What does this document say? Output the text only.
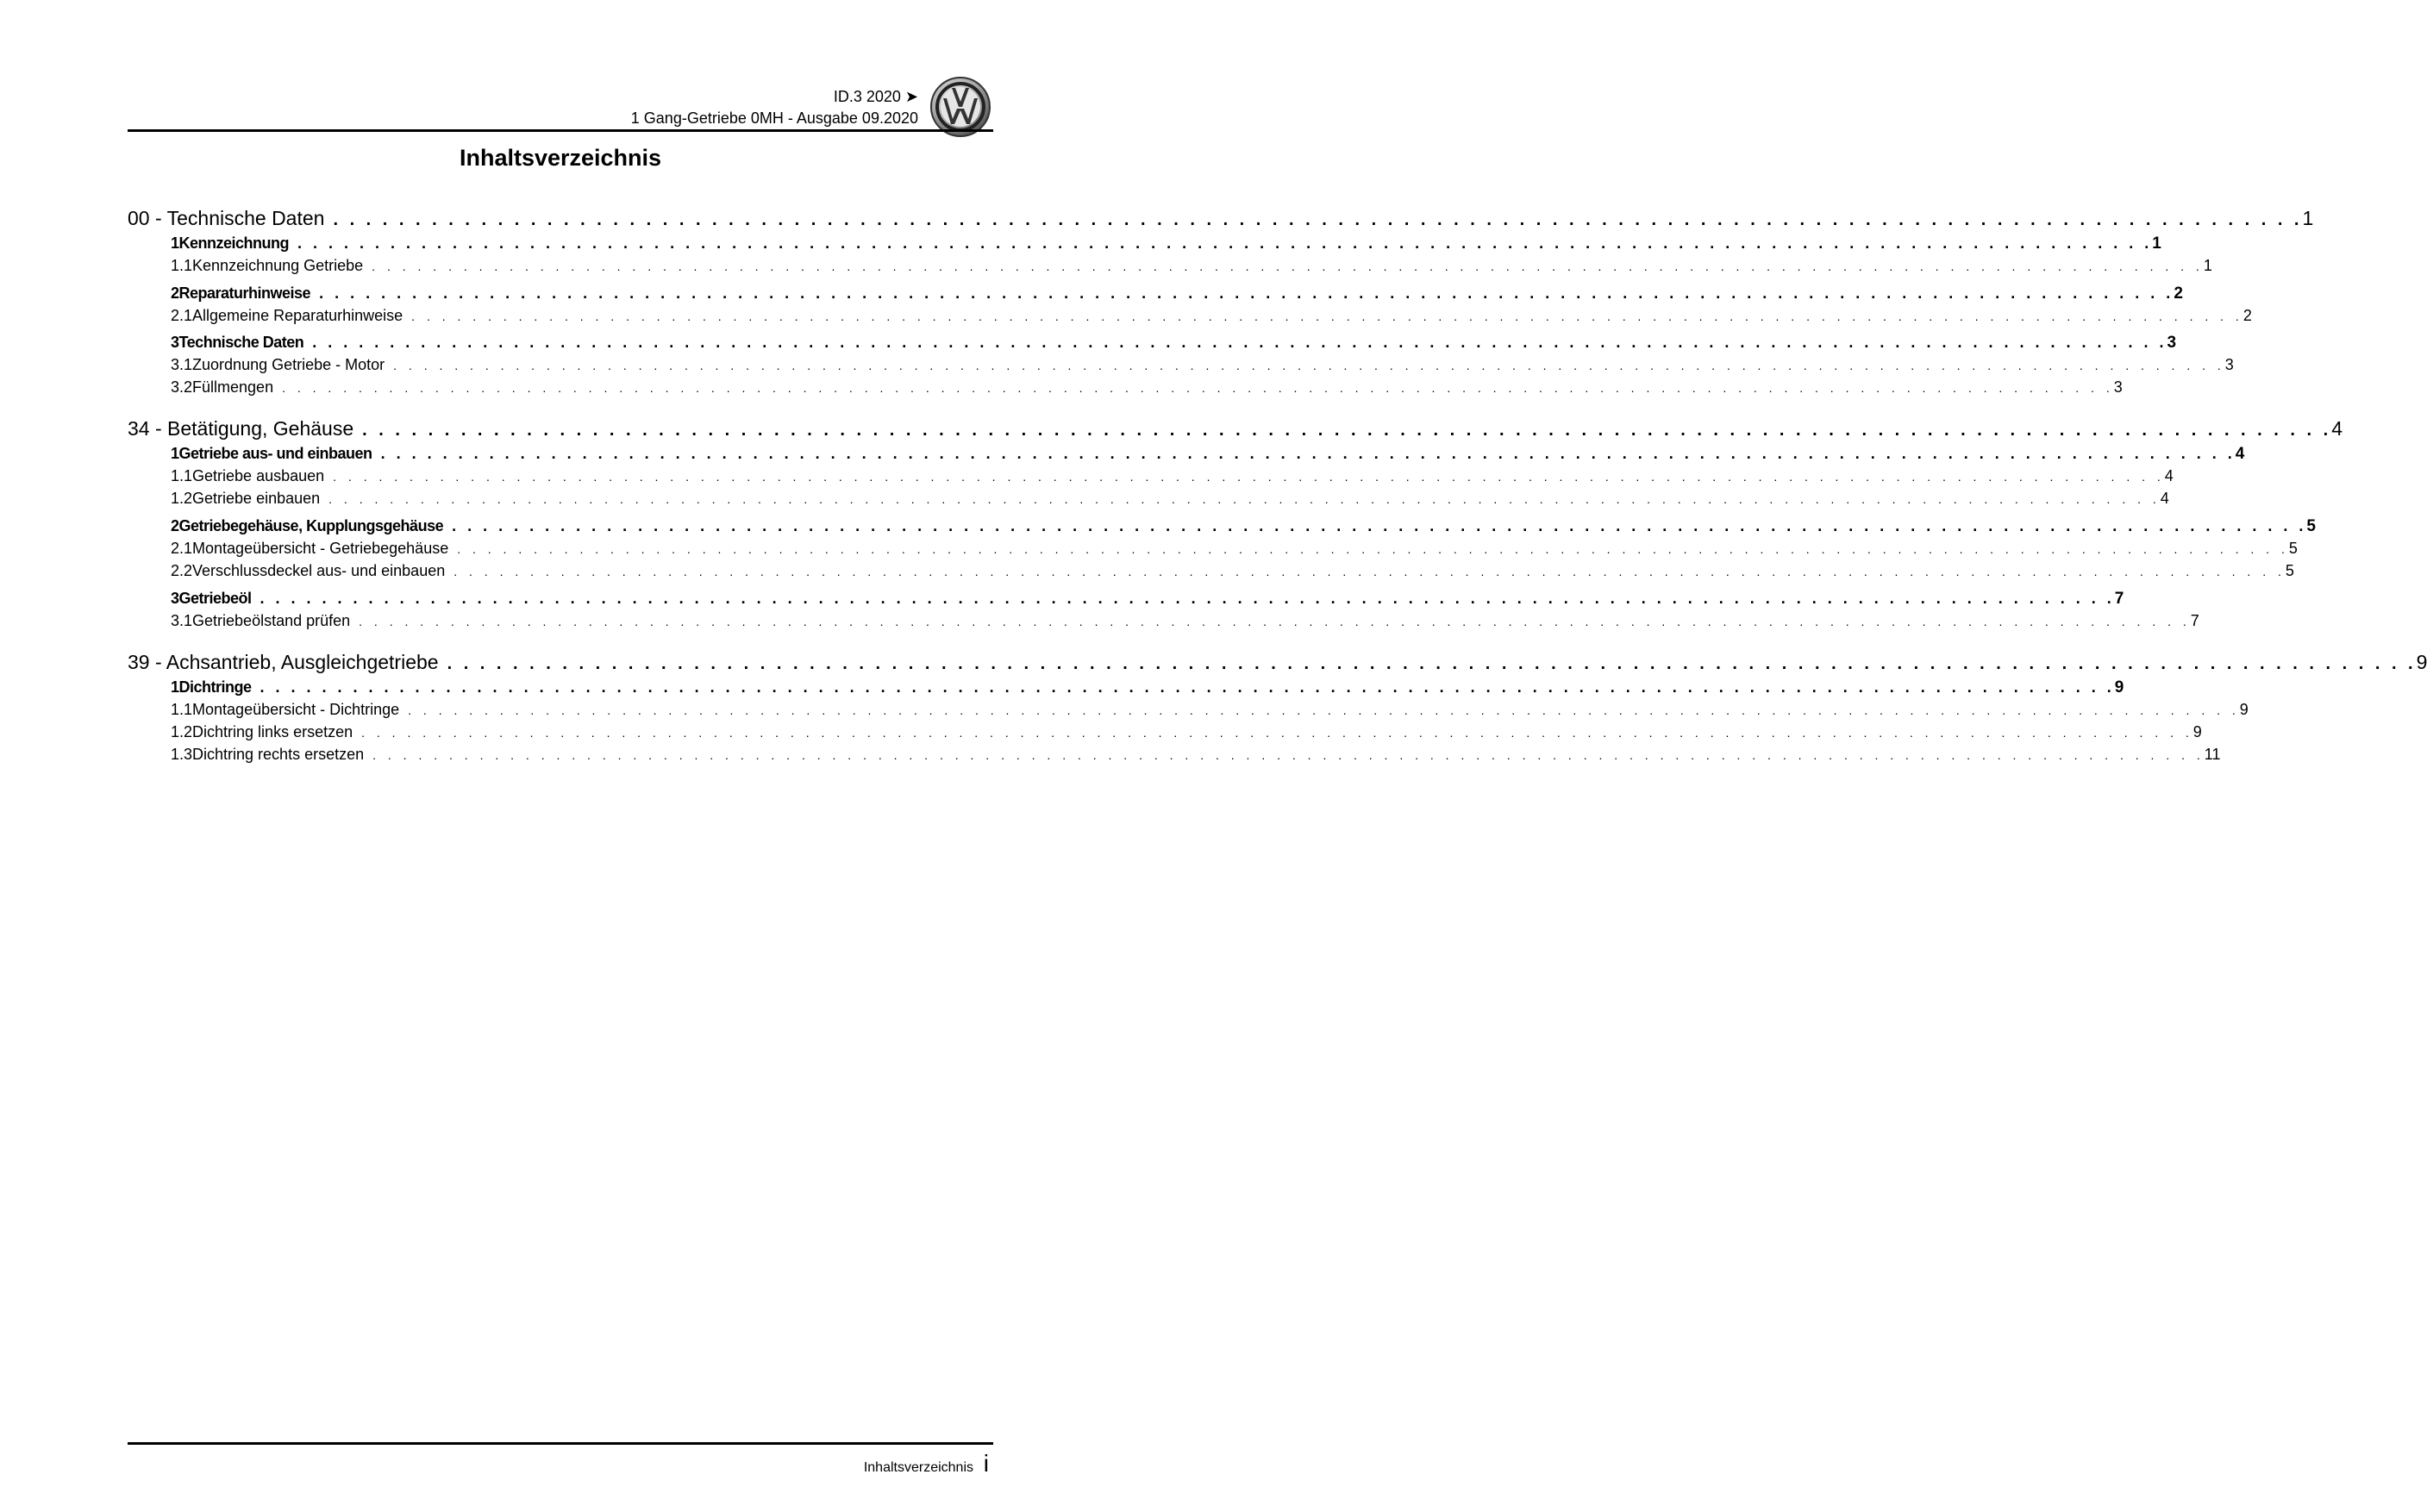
ID.3 2020 ➤
1 Gang-Getriebe 0MH - Ausgabe 09.2020
Inhaltsverzeichnis
00 - Technische Daten . . . . . . . . . . . . . . . . . . . . . . . . . . . . . . . . . . . . . . . . . . . . . . . . . . . . . . . . . . . . . . . . . . . . . . . . . . . . . . . . . . . . . . . . . . . . . . . . . . . . . . . . . . . . . . . . . . . . . . . . 1
1 Kennzeichnung . . . . . . . . . . . . . . . . . . . . . . . . . . . . . . . . . . . . . . . . . . . . . . . . . . . . . . . . . . . . . . . . . . . . . . . . . . . . . . . . . . . . . . . . . . . . . . . . . . . . . . . . . . . . . . . . . . . . . . . . 1
1.1 Kennzeichnung Getriebe . . . . . . . . . . . . . . . . . . . . . . . . . . . . . . . . . . . . . . . . . . . . . . . . . . . . . . . . . . . . . . . . . . . . . . . . . . . . . . . . . . . . . . . . . . . . . . . . . . . . . . . . . . . . . . . . . . . . . . . . 1
2 Reparaturhinweise . . . . . . . . . . . . . . . . . . . . . . . . . . . . . . . . . . . . . . . . . . . . . . . . . . . . . . . . . . . . . . . . . . . . . . . . . . . . . . . . . . . . . . . . . . . . . . . . . . . . . . . . . . . . . . . . . . . . . . . . 2
2.1 Allgemeine Reparaturhinweise . . . . . . . . . . . . . . . . . . . . . . . . . . . . . . . . . . . . . . . . . . . . . . . . . . . . . . . . . . . . . . . . . . . . . . . . . . . . . . . . . . . . . . . . . . . . . . . . . . . . . . . . . . . . . . . . . . . . . . . . 2
3 Technische Daten . . . . . . . . . . . . . . . . . . . . . . . . . . . . . . . . . . . . . . . . . . . . . . . . . . . . . . . . . . . . . . . . . . . . . . . . . . . . . . . . . . . . . . . . . . . . . . . . . . . . . . . . . . . . . . . . . . . . . . . . 3
3.1 Zuordnung Getriebe - Motor . . . . . . . . . . . . . . . . . . . . . . . . . . . . . . . . . . . . . . . . . . . . . . . . . . . . . . . . . . . . . . . . . . . . . . . . . . . . . . . . . . . . . . . . . . . . . . . . . . . . . . . . . . . . . . . . . . . . . . . . 3
3.2 Füllmengen . . . . . . . . . . . . . . . . . . . . . . . . . . . . . . . . . . . . . . . . . . . . . . . . . . . . . . . . . . . . . . . . . . . . . . . . . . . . . . . . . . . . . . . . . . . . . . . . . . . . . . . . . . . . . . . . . . . . . . . . 3
34 - Betätigung, Gehäuse . . . . . . . . . . . . . . . . . . . . . . . . . . . . . . . . . . . . . . . . . . . . . . . . . . . . . . . . . . . . . . . . . . . . . . . . . . . . . . . . . . . . . . . . . . . . . . . . . . . . . . . . . . . . . . . . . . . . . . . . 4
1 Getriebe aus- und einbauen . . . . . . . . . . . . . . . . . . . . . . . . . . . . . . . . . . . . . . . . . . . . . . . . . . . . . . . . . . . . . . . . . . . . . . . . . . . . . . . . . . . . . . . . . . . . . . . . . . . . . . . . . . . . . . . . . . . . . . . . 4
1.1 Getriebe ausbauen . . . . . . . . . . . . . . . . . . . . . . . . . . . . . . . . . . . . . . . . . . . . . . . . . . . . . . . . . . . . . . . . . . . . . . . . . . . . . . . . . . . . . . . . . . . . . . . . . . . . . . . . . . . . . . . . . . . . . . . . 4
1.2 Getriebe einbauen . . . . . . . . . . . . . . . . . . . . . . . . . . . . . . . . . . . . . . . . . . . . . . . . . . . . . . . . . . . . . . . . . . . . . . . . . . . . . . . . . . . . . . . . . . . . . . . . . . . . . . . . . . . . . . . . . . . . . . . . 4
2 Getriebegehäuse, Kupplungsgehäuse . . . . . . . . . . . . . . . . . . . . . . . . . . . . . . . . . . . . . . . . . . . . . . . . . . . . . . . . . . . . . . . . . . . . . . . . . . . . . . . . . . . . . . . . . . . . . . . . . . . . . . . . . . . . . . . . . . . . . . . . 5
2.1 Montageübersicht - Getriebegehäuse . . . . . . . . . . . . . . . . . . . . . . . . . . . . . . . . . . . . . . . . . . . . . . . . . . . . . . . . . . . . . . . . . . . . . . . . . . . . . . . . . . . . . . . . . . . . . . . . . . . . . . . . . . . . . . . . . . . . . . . . 5
2.2 Verschlussdeckel aus- und einbauen . . . . . . . . . . . . . . . . . . . . . . . . . . . . . . . . . . . . . . . . . . . . . . . . . . . . . . . . . . . . . . . . . . . . . . . . . . . . . . . . . . . . . . . . . . . . . . . . . . . . . . . . . . . . . . . . . . . . . . . . 5
3 Getriebeöl . . . . . . . . . . . . . . . . . . . . . . . . . . . . . . . . . . . . . . . . . . . . . . . . . . . . . . . . . . . . . . . . . . . . . . . . . . . . . . . . . . . . . . . . . . . . . . . . . . . . . . . . . . . . . . . . . . . . . . . . 7
3.1 Getriebeölstand prüfen . . . . . . . . . . . . . . . . . . . . . . . . . . . . . . . . . . . . . . . . . . . . . . . . . . . . . . . . . . . . . . . . . . . . . . . . . . . . . . . . . . . . . . . . . . . . . . . . . . . . . . . . . . . . . . . . . . . . . . . . 7
39 - Achsantrieb, Ausgleichgetriebe . . . . . . . . . . . . . . . . . . . . . . . . . . . . . . . . . . . . . . . . . . . . . . . . . . . . . . . . . . . . . . . . . . . . . . . . . . . . . . . . . . . . . . . . . . . . . . . . . . . . . . . . . . . . . . . . . . . . . . . . 9
1 Dichtringe . . . . . . . . . . . . . . . . . . . . . . . . . . . . . . . . . . . . . . . . . . . . . . . . . . . . . . . . . . . . . . . . . . . . . . . . . . . . . . . . . . . . . . . . . . . . . . . . . . . . . . . . . . . . . . . . . . . . . . . . 9
1.1 Montageübersicht - Dichtringe . . . . . . . . . . . . . . . . . . . . . . . . . . . . . . . . . . . . . . . . . . . . . . . . . . . . . . . . . . . . . . . . . . . . . . . . . . . . . . . . . . . . . . . . . . . . . . . . . . . . . . . . . . . . . . . . . . . . . . . . 9
1.2 Dichtring links ersetzen . . . . . . . . . . . . . . . . . . . . . . . . . . . . . . . . . . . . . . . . . . . . . . . . . . . . . . . . . . . . . . . . . . . . . . . . . . . . . . . . . . . . . . . . . . . . . . . . . . . . . . . . . . . . . . . . . . . . . . . . 9
1.3 Dichtring rechts ersetzen . . . . . . . . . . . . . . . . . . . . . . . . . . . . . . . . . . . . . . . . . . . . . . . . . . . . . . . . . . . . . . . . . . . . . . . . . . . . . . . . . . . . . . . . . . . . . . . . . . . . . . . . . . . . . . . . . . . . . . . . 11
Inhaltsverzeichnis i
